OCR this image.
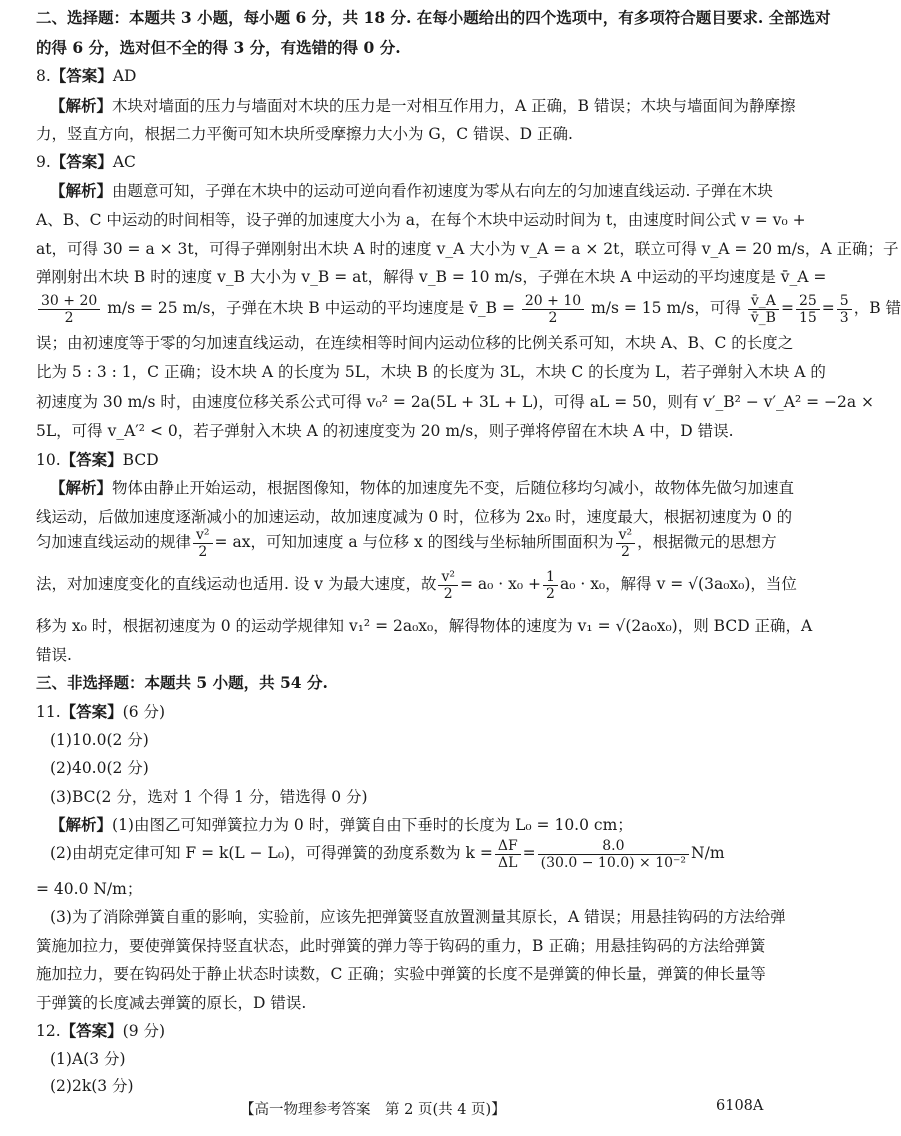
二、选择题：本题共 3 小题，每小题 6 分，共 18 分. 在每小题给出的四个选项中，有多项符合题目要求. 全部选对
的得 6 分，选对但不全的得 3 分，有选错的得 0 分.
8.【答案】AD
【解析】木块对墙面的压力与墙面对木块的压力是一对相互作用力，A 正确，B 错误；木块与墙面间为静摩擦
力，竖直方向，根据二力平衡可知木块所受摩擦力大小为 G，C 错误、D 正确.
9.【答案】AC
【解析】由题意可知，子弹在木块中的运动可逆向看作初速度为零从右向左的匀加速直线运动. 子弹在木块
A、B、C 中运动的时间相等，设子弹的加速度大小为 a，在每个木块中运动时间为 t，由速度时间公式 v = v₀ +
at，可得 30 = a × 3t，可得子弹刚射出木块 A 时的速度 v_A 大小为 v_A = a × 2t，联立可得 v_A = 20 m/s，A 正确；子
弹刚射出木块 B 时的速度 v_B 大小为 v_B = at，解得 v_B = 10 m/s，子弹在木块 A 中运动的平均速度是 v̄_A =
$\frac{30 + 20}{2} m/s = 25$ m/s，子弹在木块 B 中运动的平均速度是 v̄_B = $\frac{20 + 10}{2} m/s = 15$ m/s，可得 $\frac{v̄\_A}{v̄\_B} = \frac{25}{15} = \frac{5}{3}$ ，B 错
误；由初速度等于零的匀加速直线运动，在连续相等时间内运动位移的比例关系可知，木块 A、B、C 的长度之
比为 5 : 3 : 1，C 正确；设木块 A 的长度为 5L，木块 B 的长度为 3L，木块 C 的长度为 L，若子弹射入木块 A 的
初速度为 30 m/s 时，由速度位移关系公式可得 v₀² = 2a(5L + 3L + L)，可得 aL = 50，则有 v′_B² − v′_A² = −2a ×
5L，可得 v_A′² < 0，若子弹射入木块 A 的初速度变为 20 m/s，则子弹将停留在木块 A 中，D 错误.
10.【答案】BCD
【解析】物体由静止开始运动，根据图像知，物体的加速度先不变，后随位移均匀减小，故物体先做匀加速直
线运动，后做加速度逐渐减小的加速运动，故加速度减为 0 时，位移为 2x₀ 时，速度最大，根据初速度为 0 的
匀加速直线运动的规律 $\frac{\text{v²}}{2}$ = ax，可知加速度 a 与位移 x 的图线与坐标轴所围面积为 $\frac{\text{v²}}{2}$ ，根据微元的思想方
法，对加速度变化的直线运动也适用. 设 v 为最大速度，故 $\frac{\text{v²}}{2} = a_0 \cdot x_0 + \frac{1}{2} a_0 \cdot x_0$，解得 v = √(3a₀x₀)，当位
移为 x₀ 时，根据初速度为 0 的运动学规律知 v₁² = 2a₀x₀，解得物体的速度为 v₁ = √(2a₀x₀)，则 BCD 正确，A
错误.
三、非选择题：本题共 5 小题，共 54 分.
11.【答案】(6 分)
(1)10.0(2 分)
(2)40.0(2 分)
(3)BC(2 分，选对 1 个得 1 分，错选得 0 分)
【解析】(1)由图乙可知弹簧拉力为 0 时，弹簧自由下垂时的长度为 L₀ = 10.0 cm；
(2)由胡克定律可知 F = k(L − L₀)，可得弹簧的劲度系数为 $k = \frac{\Delta F}{\Delta L} = \frac{8.0}{\text{(30.0 − 10.0) × 10⁻²}} N/m$
= 40.0 N/m；
(3)为了消除弹簧自重的影响，实验前，应该先把弹簧竖直放置测量其原长，A 错误；用悬挂钩码的方法给弹
簧施加拉力，要使弹簧保持竖直状态，此时弹簧的弹力等于钩码的重力，B 正确；用悬挂钩码的方法给弹簧
施加拉力，要在钩码处于静止状态时读数，C 正确；实验中弹簧的长度不是弹簧的伸长量，弹簧的伸长量等
于弹簧的长度减去弹簧的原长，D 错误.
12.【答案】(9 分)
(1)A(3 分)
(2)2k(3 分)
【高一物理参考答案　第 2 页(共 4 页)】	6108A
